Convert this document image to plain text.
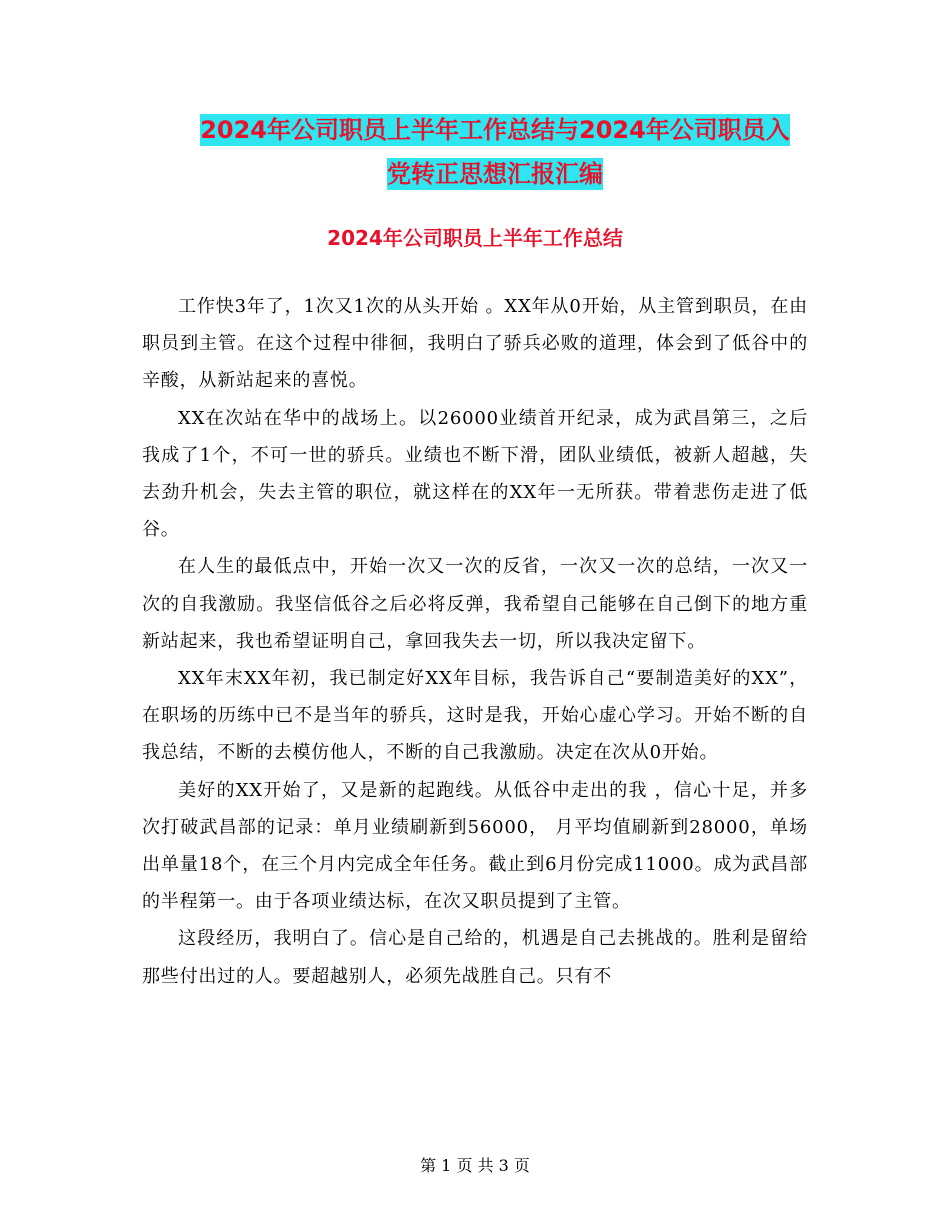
2024年公司职员上半年工作总结与2024年公司职员入
党转正思想汇报汇编
2024年公司职员上半年工作总结

工作快3年了，1次又1次的从头开始 。XX年从0开始，从主管到职员，在由职员到主管。在这个过程中徘徊，我明白了骄兵必败的道理，体会到了低谷中的辛酸，从新站起来的喜悦。

XX在次站在华中的战场上。以26000业绩首开纪录，成为武昌第三，之后我成了1个，不可一世的骄兵。业绩也不断下滑，团队业绩低，被新人超越，失去劲升机会，失去主管的职位，就这样在的XX年一无所获。带着悲伤走进了低谷。

在人生的最低点中，开始一次又一次的反省，一次又一次的总结，一次又一次的自我激励。我坚信低谷之后必将反弹，我希望自己能够在自己倒下的地方重新站起来，我也希望证明自己，拿回我失去一切，所以我决定留下。

XX年末XX年初，我已制定好XX年目标，我告诉自己“要制造美好的XX”，  在职场的历练中已不是当年的骄兵，这时是我，开始心虚心学习。开始不断的自我总结，不断的去模仿他人，不断的自己我激励。决定在次从0开始。

美好的XX开始了，又是新的起跑线。从低谷中走出的我 ，信心十足，并多次打破武昌部的记录：单月业绩刷新到56000， 月平均值刷新到28000，单场出单量18个，在三个月内完成全年任务。截止到6月份完成11000。成为武昌部的半程第一。由于各项业绩达标，在次又职员提到了主管。

这段经历，我明白了。信心是自己给的，机遇是自己去挑战的。胜利是留给那些付出过的人。要超越别人，必须先战胜自己。只有不

第 1 页 共 3 页
